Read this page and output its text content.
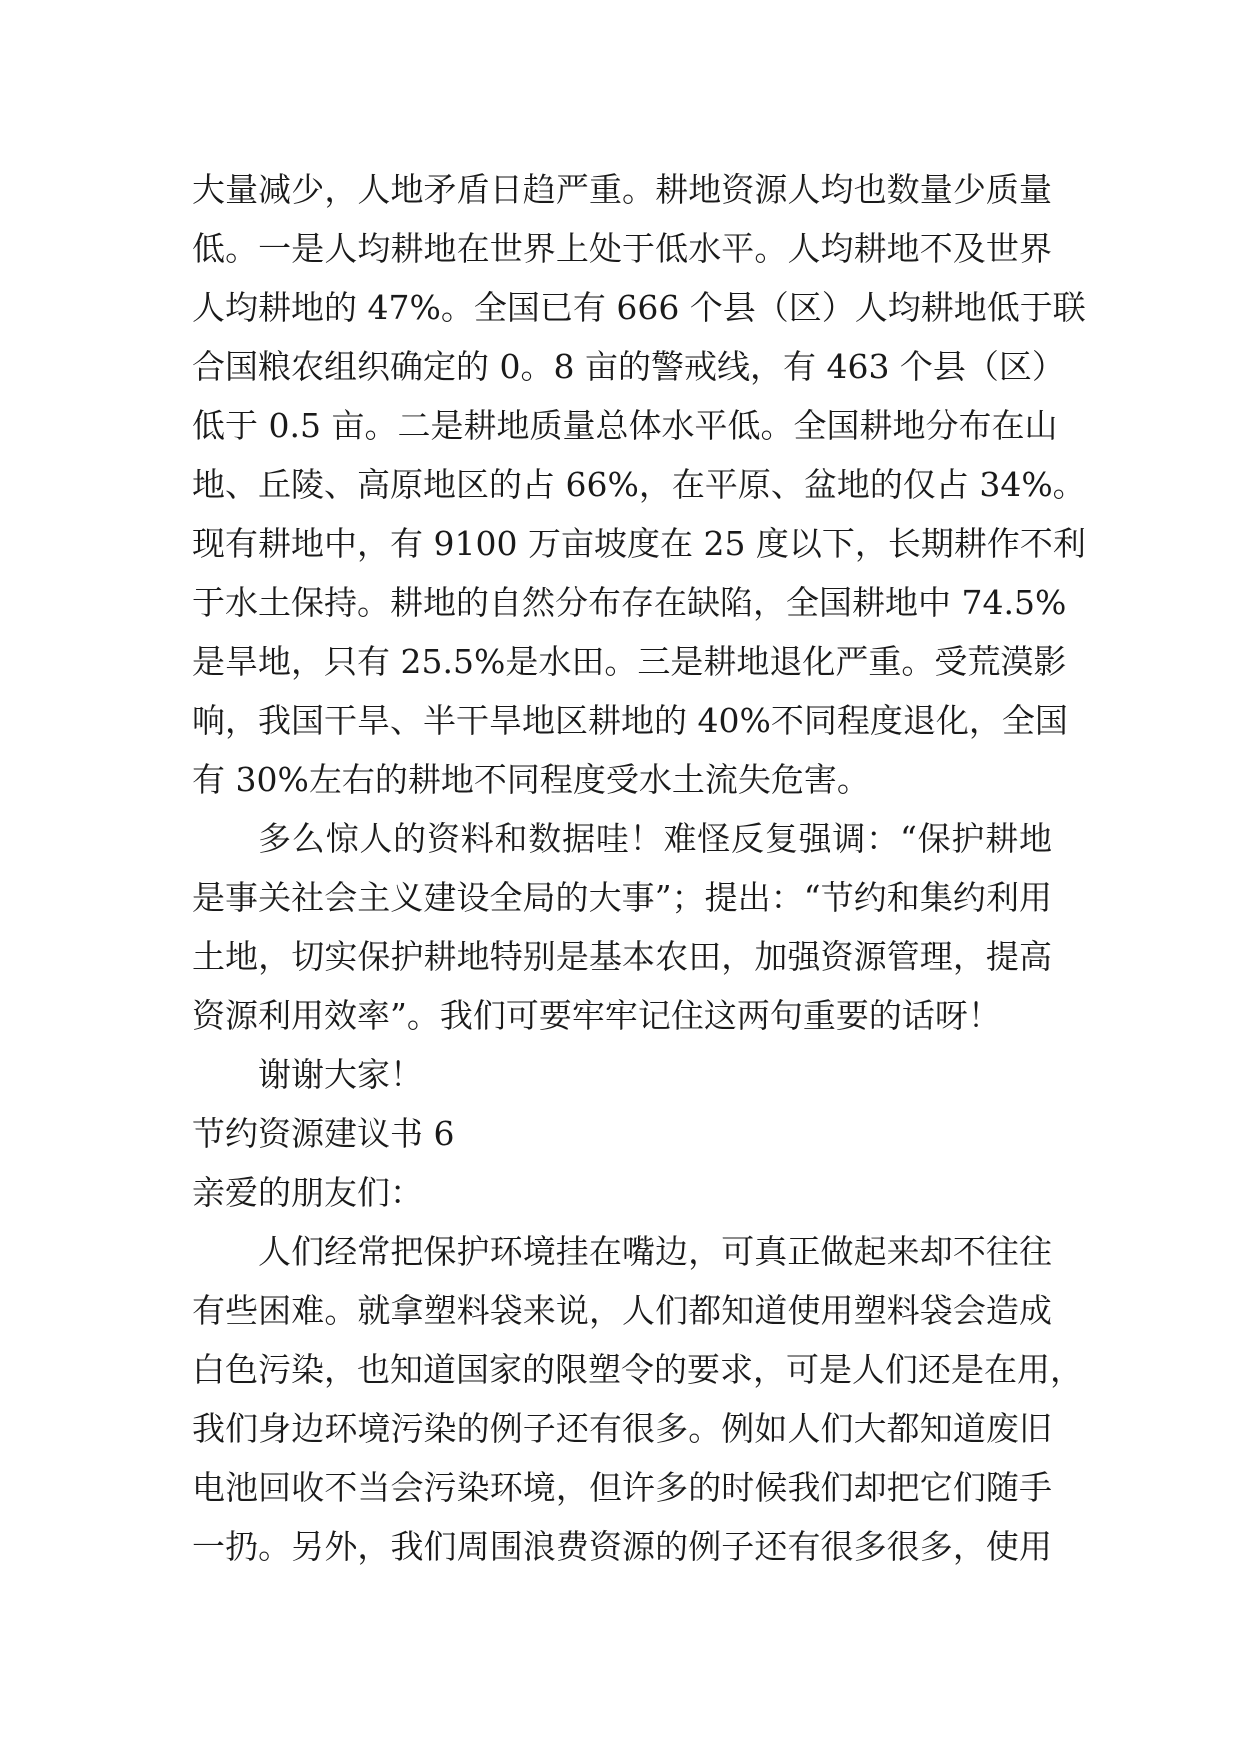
大量减少，人地矛盾日趋严重。耕地资源人均也数量少质量
低。一是人均耕地在世界上处于低水平。人均耕地不及世界
人均耕地的 47%。全国已有 666 个县（区）人均耕地低于联
合国粮农组织确定的 0。8 亩的警戒线，有 463 个县（区）
低于 0.5 亩。二是耕地质量总体水平低。全国耕地分布在山
地、丘陵、高原地区的占 66%，在平原、盆地的仅占 34%。
现有耕地中，有 9100 万亩坡度在 25 度以下，长期耕作不利
于水土保持。耕地的自然分布存在缺陷，全国耕地中 74.5%
是旱地，只有 25.5%是水田。三是耕地退化严重。受荒漠影
响，我国干旱、半干旱地区耕地的 40%不同程度退化，全国
有 30%左右的耕地不同程度受水土流失危害。
多么惊人的资料和数据哇！难怪反复强调：“保护耕地
是事关社会主义建设全局的大事”；提出：“节约和集约利用
土地，切实保护耕地特别是基本农田，加强资源管理，提高
资源利用效率”。我们可要牢牢记住这两句重要的话呀！
谢谢大家！
节约资源建议书 6
亲爱的朋友们：
人们经常把保护环境挂在嘴边，可真正做起来却不往往
有些困难。就拿塑料袋来说，人们都知道使用塑料袋会造成
白色污染，也知道国家的限塑令的要求，可是人们还是在用，
我们身边环境污染的例子还有很多。例如人们大都知道废旧
电池回收不当会污染环境，但许多的时候我们却把它们随手
一扔。另外，我们周围浪费资源的例子还有很多很多，使用
